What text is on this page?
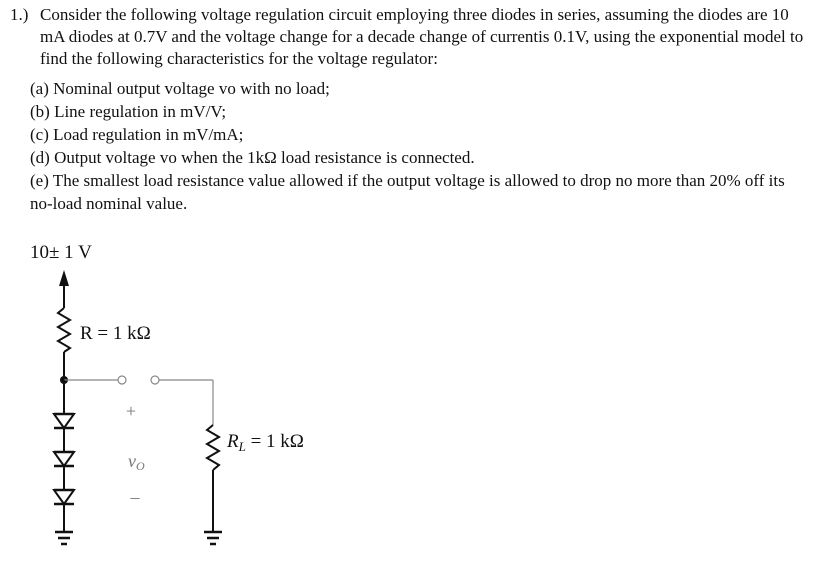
1.) Consider the following voltage regulation circuit employing three diodes in series, assuming the diodes are 10 mA diodes at 0.7V and the voltage change for a decade change of currentis 0.1V, using the exponential model to find the following characteristics for the voltage regulator:
(a) Nominal output voltage vo with no load;
(b) Line regulation in mV/V;
(c) Load regulation in mV/mA;
(d) Output voltage vo when the 1kΩ load resistance is connected.
(e) The smallest load resistance value allowed if the output voltage is allowed to drop no more than 20% off its no-load nominal value.
10± 1 V
R = 1 kΩ
+
vO
–
$R_L = 1$ kΩ
